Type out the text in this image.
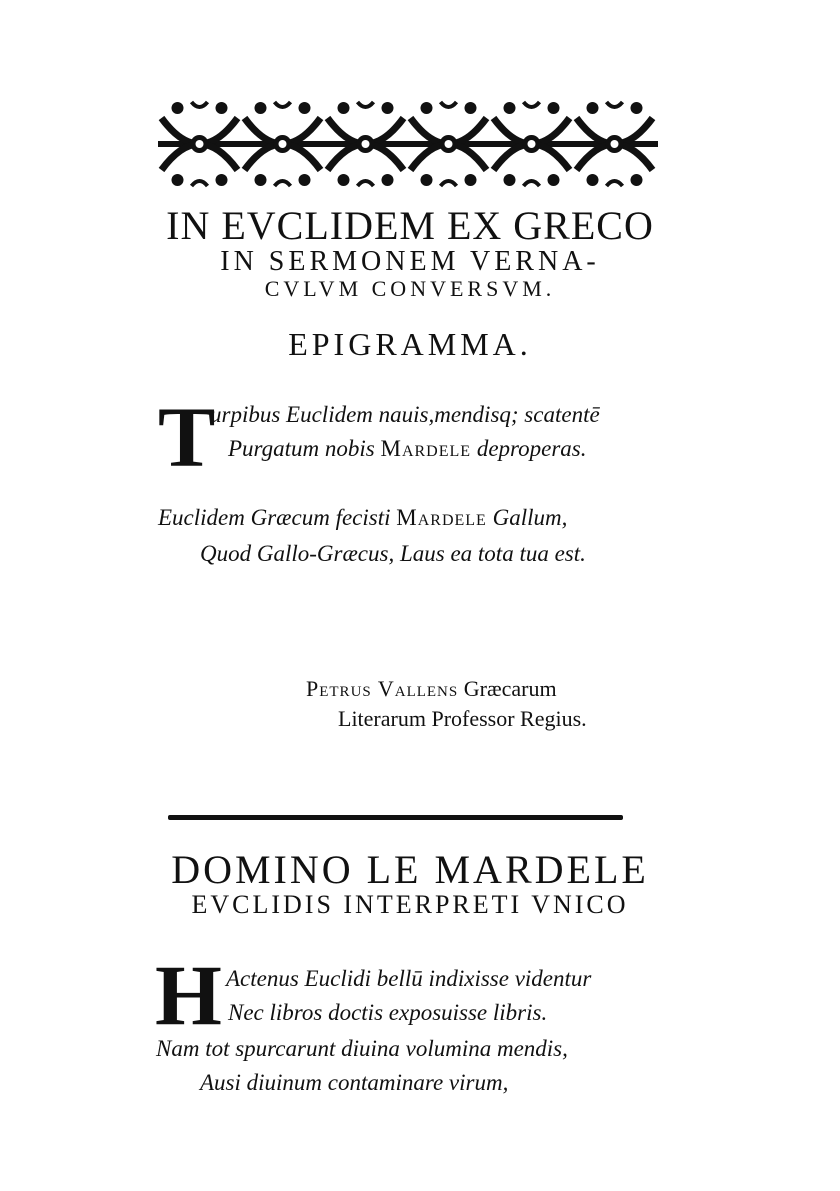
IN EVCLIDEM EX GRECO
IN SERMONEM VERNA-
CVLVM CONVERSVM.
EPIGRAMMA.
T
urpibus Euclidem nauis,mendisq; scatentē
Purgatum nobis Mardele deproperas.
Euclidem Græcum fecisti Mardele Gallum,
Quod Gallo-Græcus, Laus ea tota tua est.
Petrus Vallens Græcarum
Literarum Professor Regius.
DOMINO LE MARDELE
EVCLIDIS INTERPRETI VNICO
H Actenus Euclidi bellū indixisse videntur
Nec libros doctis exposuisse libris.
Nam tot spurcarunt diuina volumina mendis,
Ausi diuinum contaminare virum,
